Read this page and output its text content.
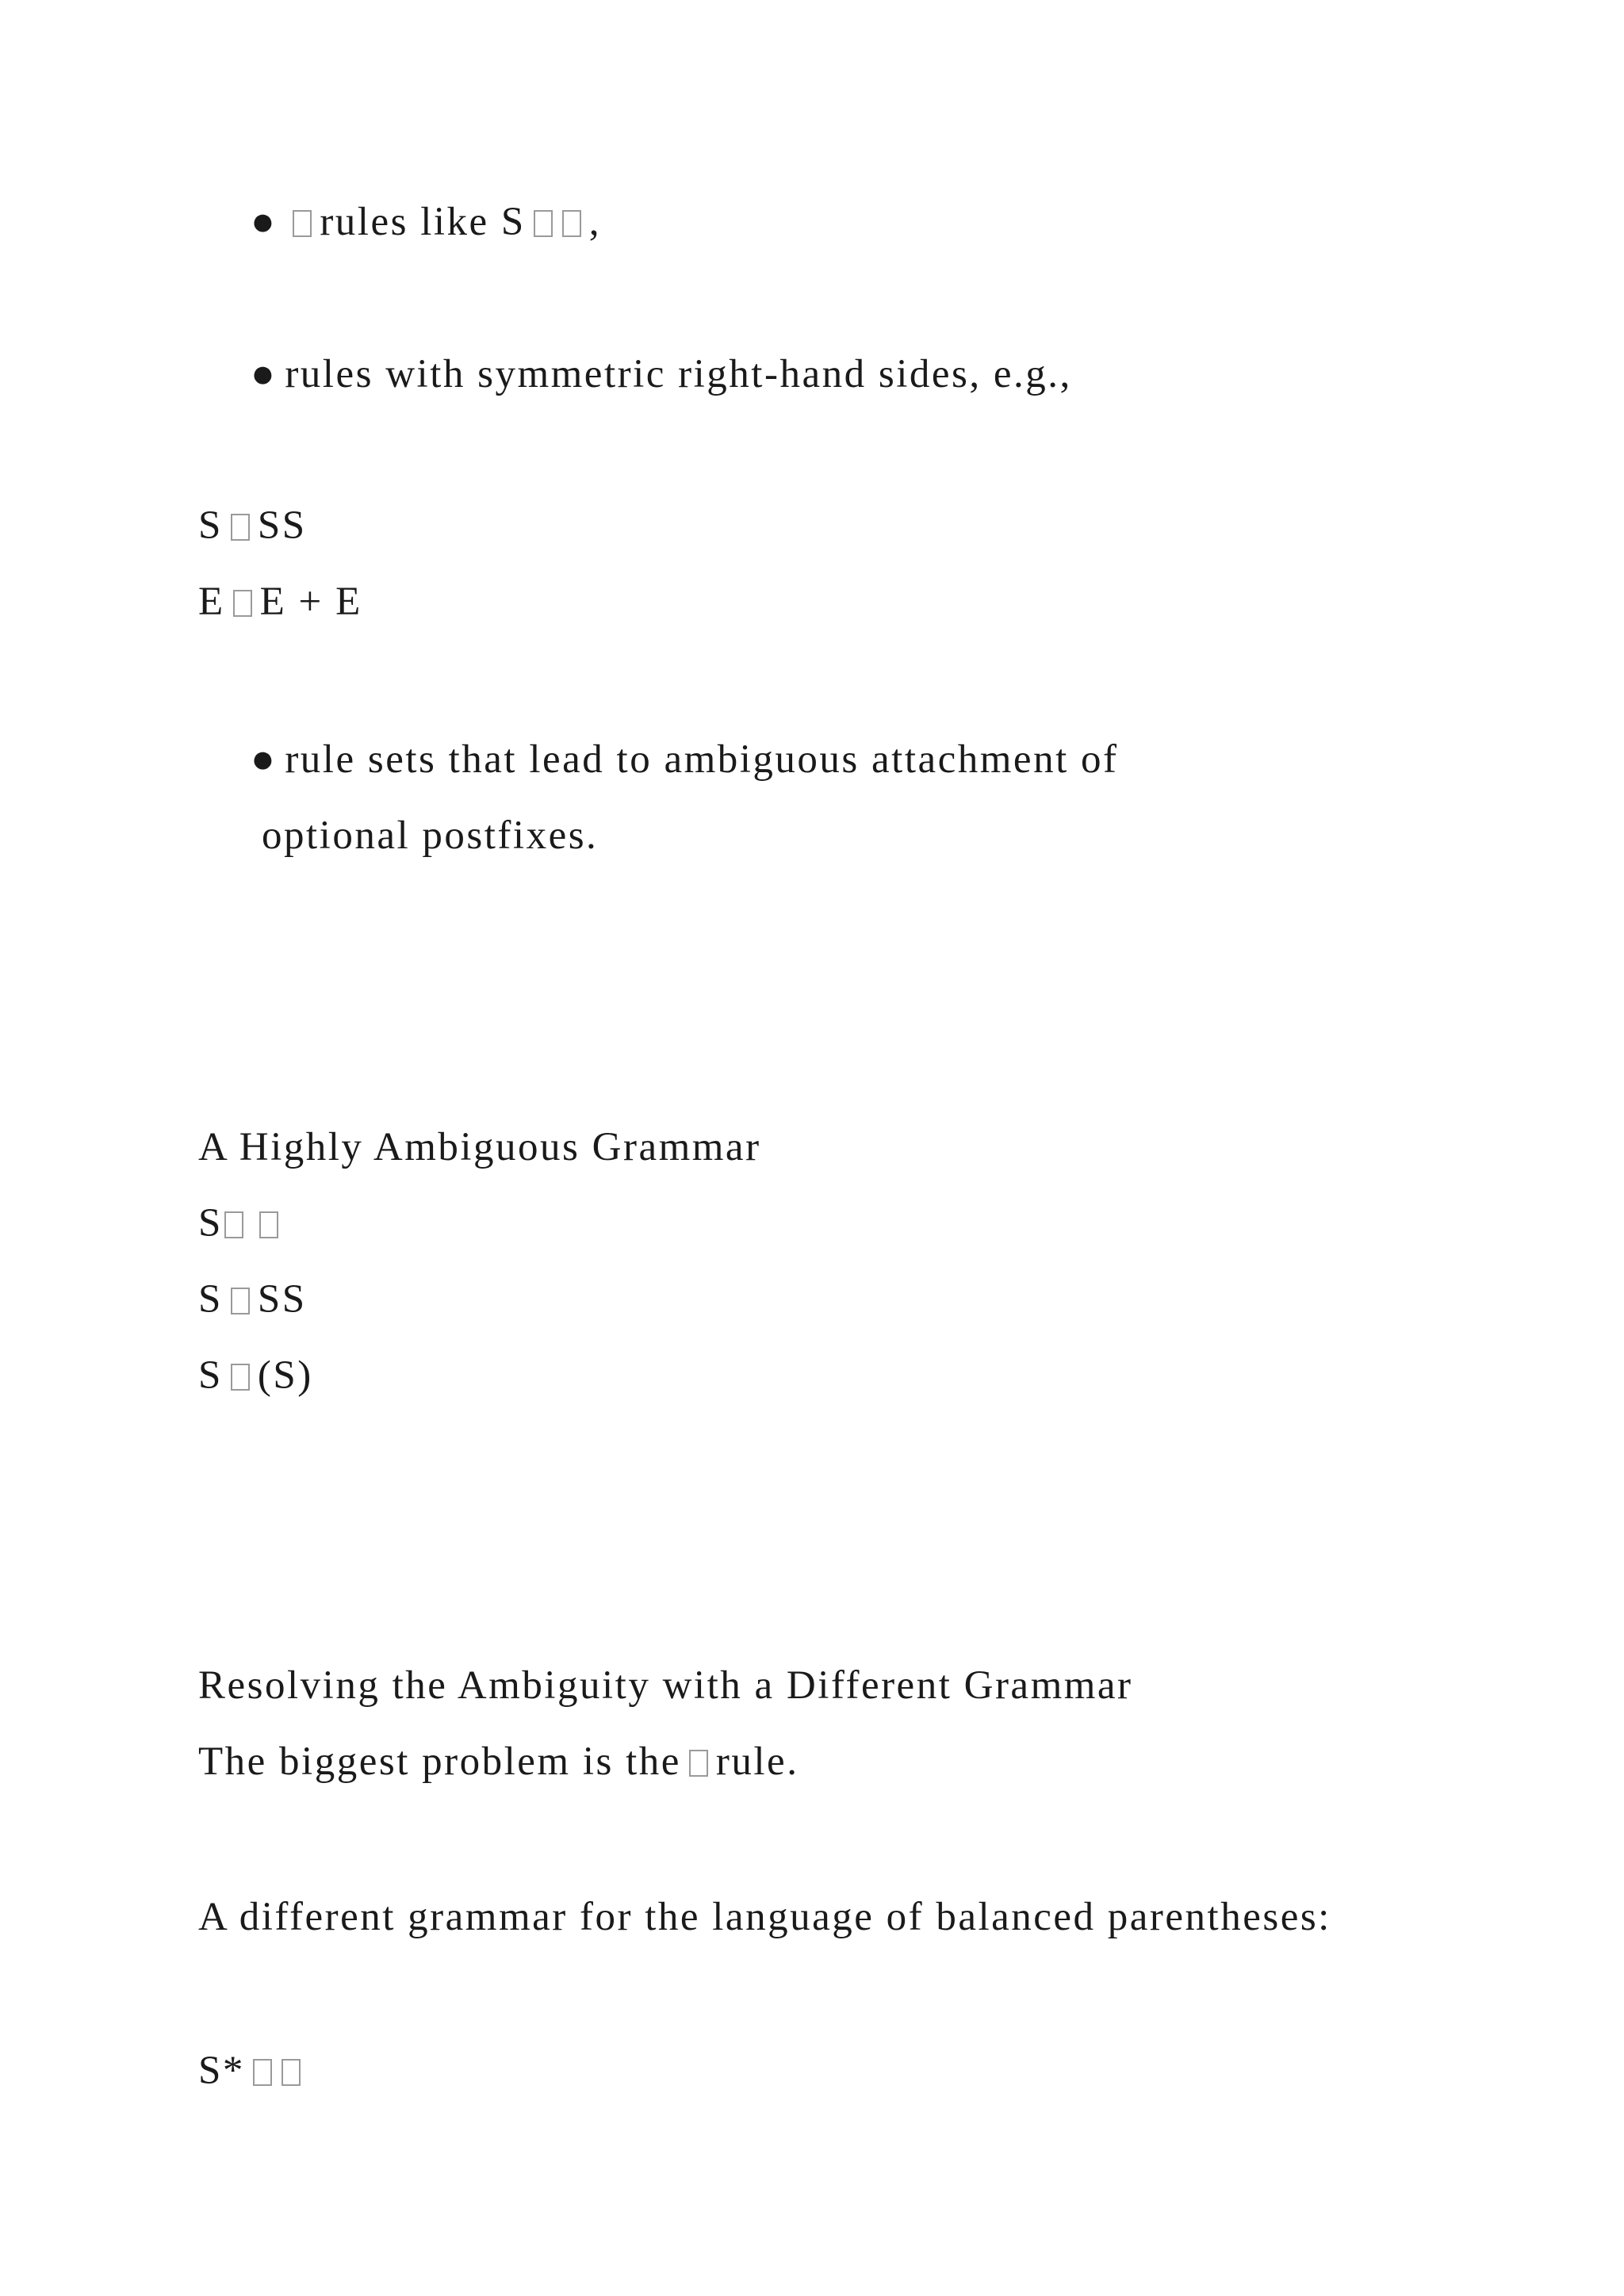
● rules like S ,
● rules with symmetric right-hand sides, e.g.,
S SS
E E + E
● rule sets that lead to ambiguous attachment of
optional postfixes.
A Highly Ambiguous Grammar
S
S SS
S (S)
Resolving the Ambiguity with a Different Grammar
The biggest problem is the rule.
A different grammar for the language of balanced parentheses:
S*
